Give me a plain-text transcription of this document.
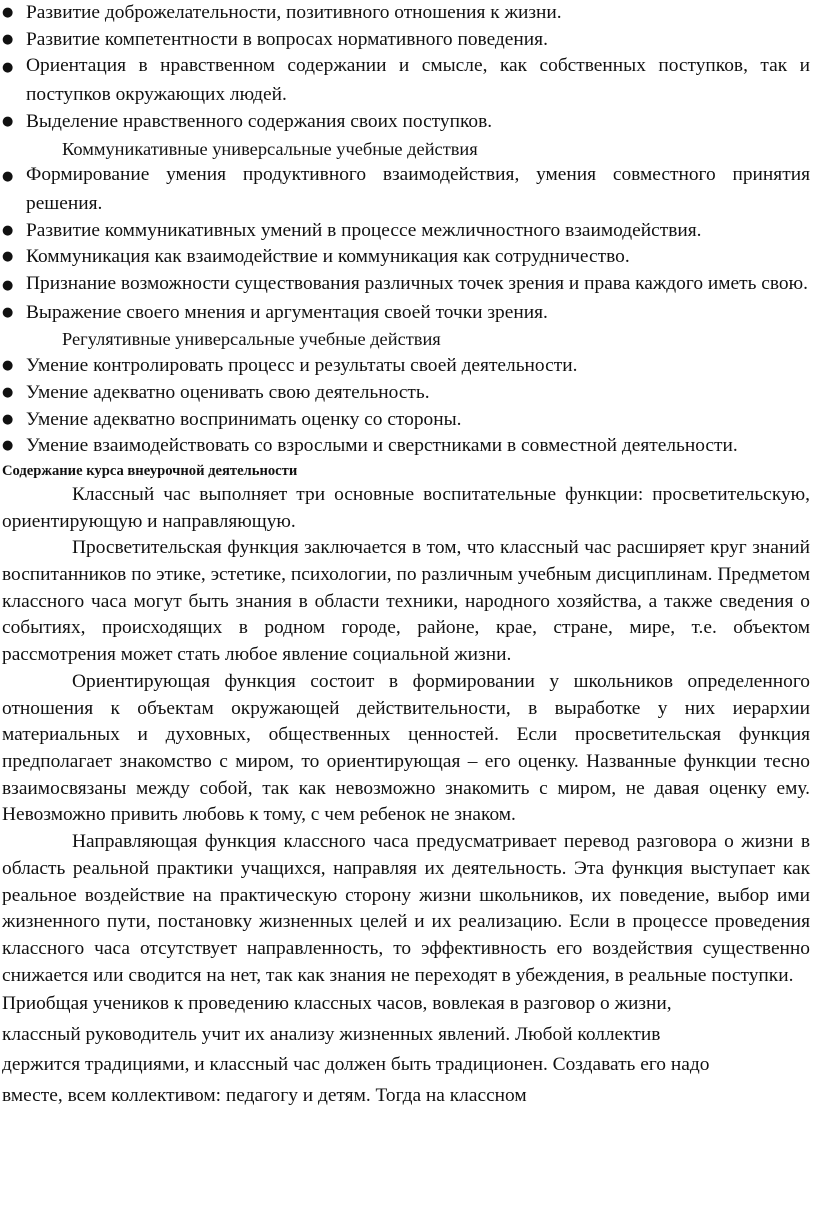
● Развитие доброжелательности, позитивного отношения к жизни.
● Развитие компетентности в вопросах нормативного поведения.
● Ориентация в нравственном содержании и смысле, как собственных поступков, так и поступков окружающих людей.
● Выделение нравственного содержания своих поступков.

Коммуникативные универсальные учебные действия

● Формирование умения продуктивного взаимодействия, умения совместного принятия решения.
● Развитие коммуникативных умений в процессе межличностного взаимодействия.
● Коммуникация как взаимодействие и коммуникация как сотрудничество.
● Признание возможности существования различных точек зрения и права каждого иметь свою.
● Выражение своего мнения и аргументация своей точки зрения.

Регулятивные универсальные учебные действия

● Умение контролировать процесс и результаты своей деятельности.
● Умение адекватно оценивать свою деятельность.
● Умение адекватно воспринимать оценку со стороны.
● Умение взаимодействовать со взрослыми и сверстниками в совместной деятельности.

Содержание курса внеурочной деятельности

Классный час выполняет три основные воспитательные функции: просветительскую, ориентирующую и направляющую.

Просветительская функция заключается в том, что классный час расширяет круг знаний воспитанников по этике, эстетике, психологии, по различным учебным дисциплинам. Предметом классного часа могут быть знания в области техники, народного хозяйства, а также сведения о событиях, происходящих в родном городе, районе, крае, стране, мире, т.е. объектом рассмотрения может стать любое явление социальной жизни.

Ориентирующая функция состоит в формировании у школьников определенного отношения к объектам окружающей действительности, в выработке у них иерархии материальных и духовных, общественных ценностей. Если просветительская функция предполагает знакомство с миром, то ориентирующая – его оценку. Названные функции тесно взаимосвязаны между собой, так как невозможно знакомить с миром, не давая оценку ему. Невозможно привить любовь к тому, с чем ребенок не знаком.

Направляющая функция классного часа предусматривает перевод разговора о жизни в область реальной практики учащихся, направляя их деятельность. Эта функция выступает как реальное воздействие на практическую сторону жизни школьников, их поведение, выбор ими жизненного пути, постановку жизненных целей и их реализацию. Если в процессе проведения классного часа отсутствует направленность, то эффективность его воздействия существенно снижается или сводится на нет, так как знания не переходят в убеждения, в реальные поступки.

Приобщая учеников к проведению классных часов, вовлекая в разговор о жизни,

классный руководитель учит их анализу жизненных явлений. Любой коллектив

держится традициями, и классный час должен быть традиционен. Создавать его надо

вместе, всем коллективом: педагогу и детям. Тогда на классном
